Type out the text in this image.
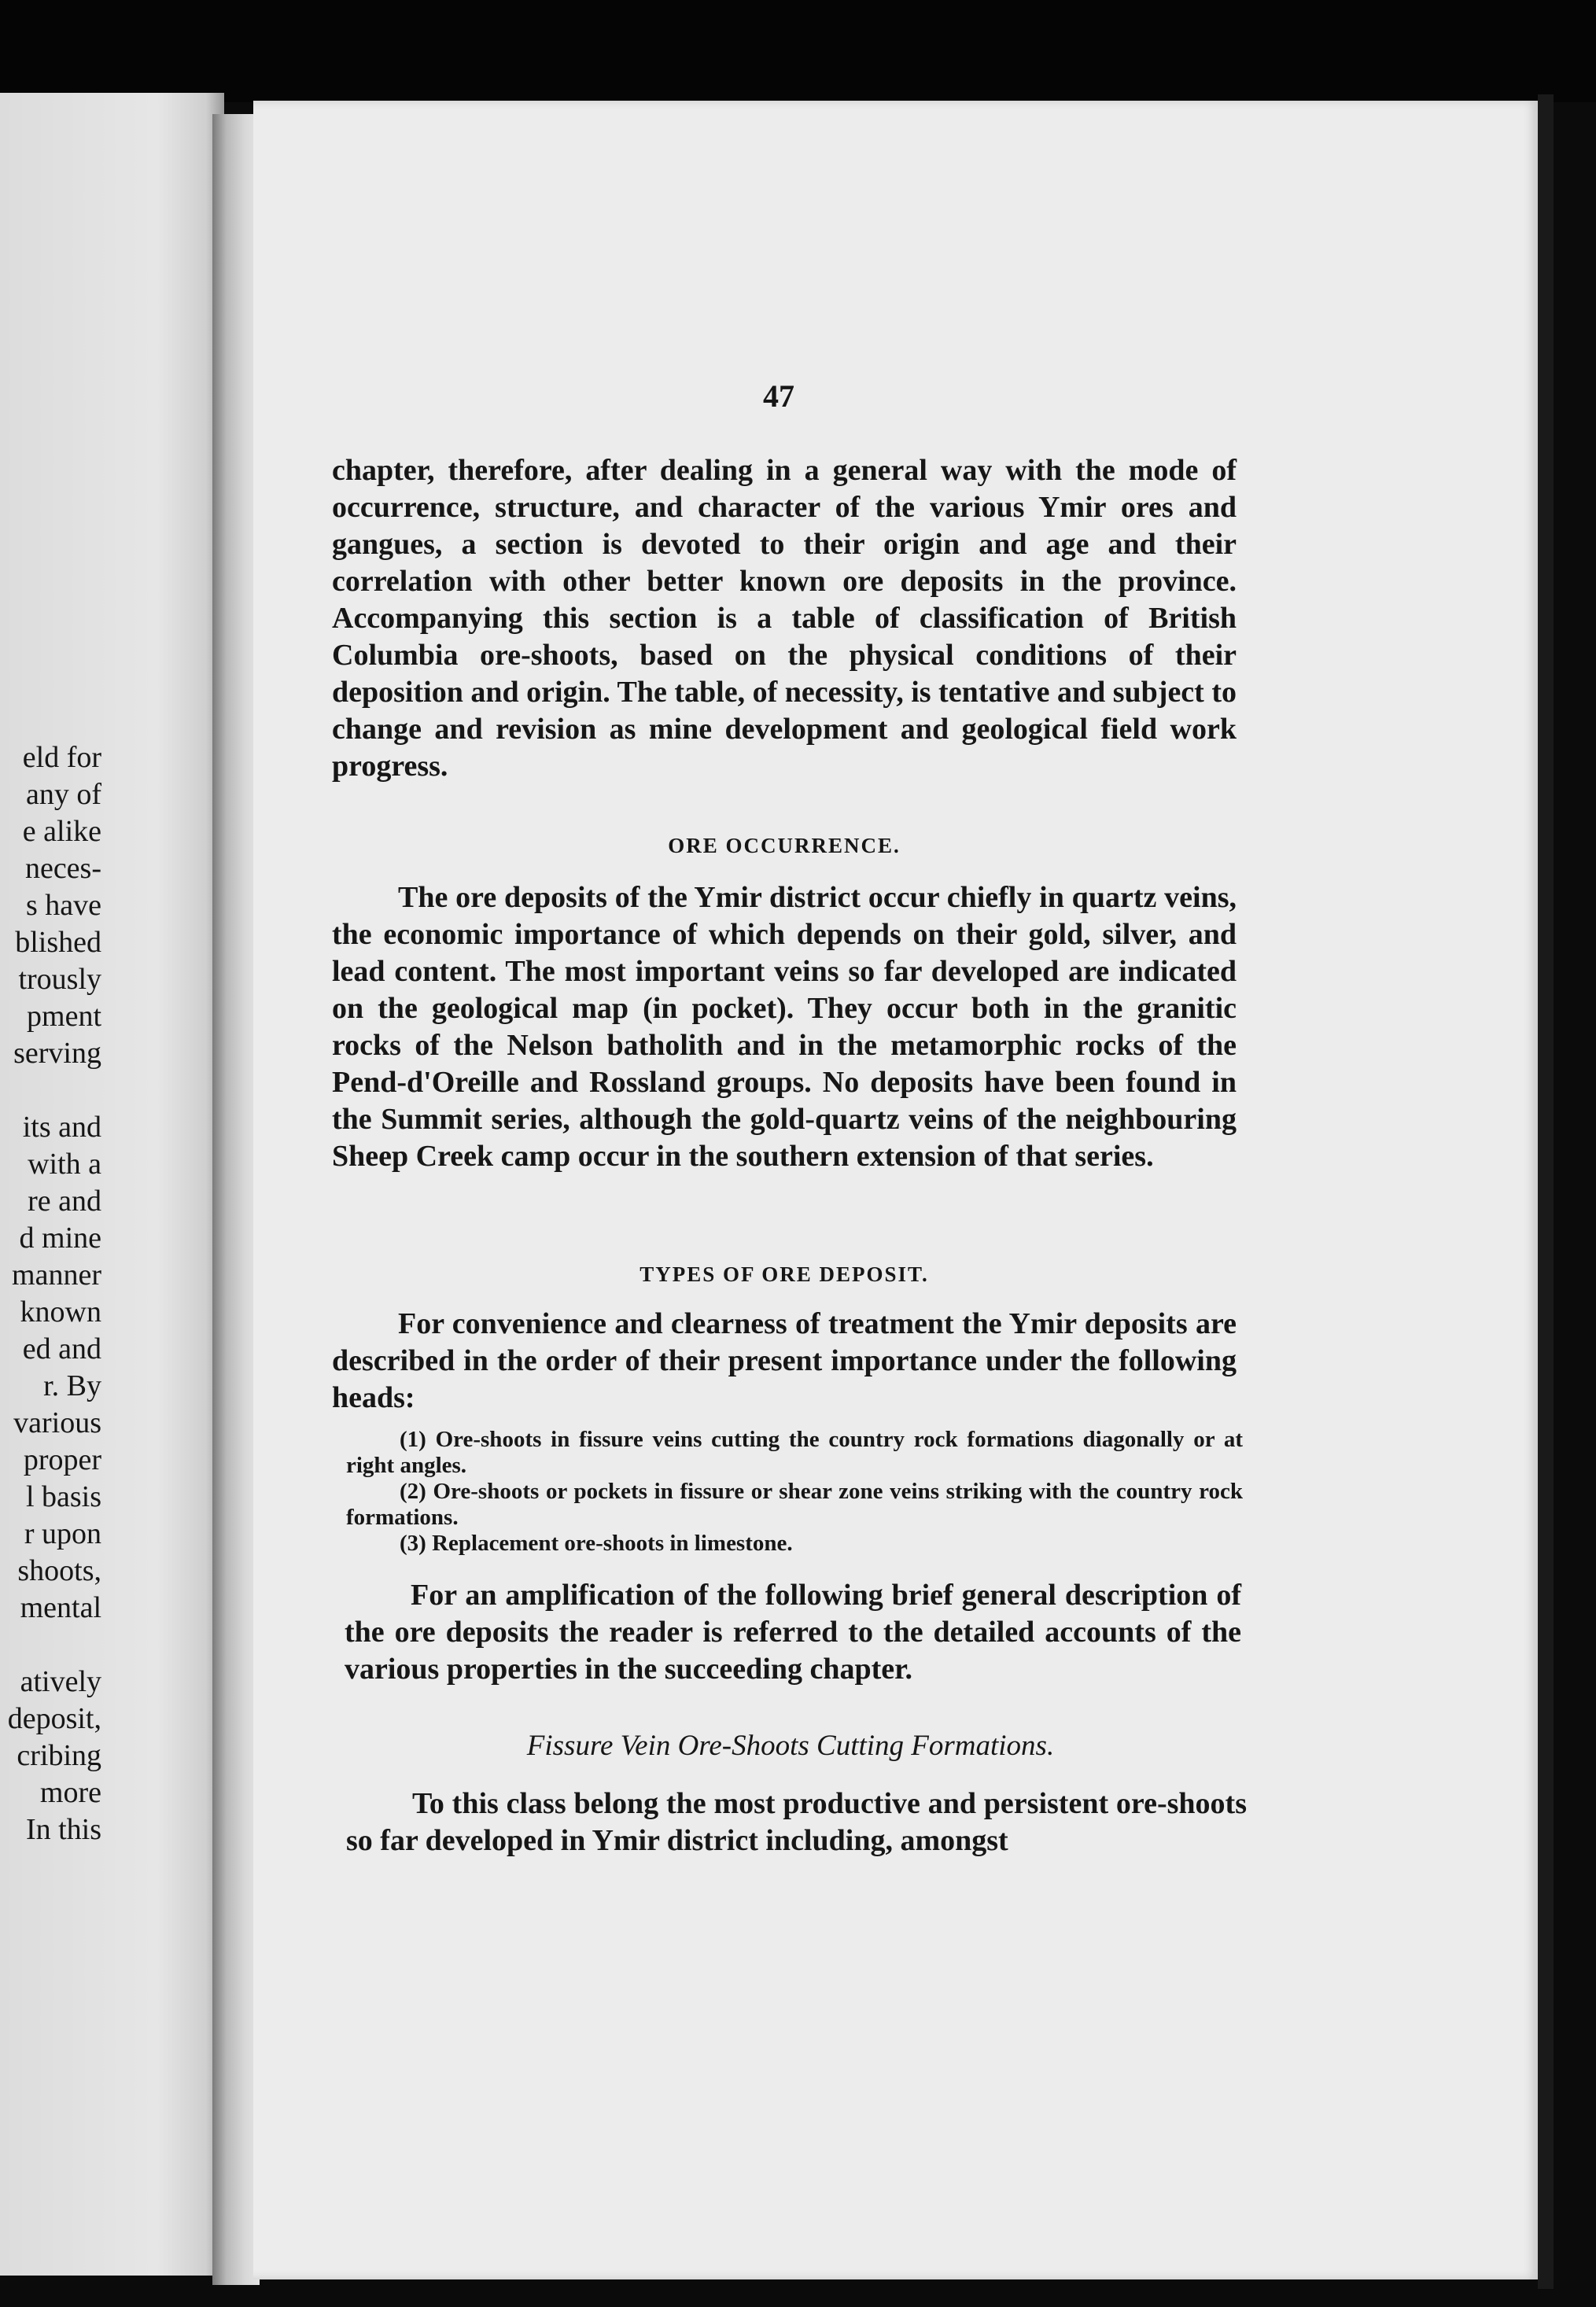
eld for
any of
e alike
neces-
s have
blished
trously
pment
serving
its and
with a
re and
d mine
manner
known
ed and
r. By
various
proper
l basis
r upon
shoots,
mental
atively
deposit,
cribing
more
In this
47

chapter, therefore, after dealing in a general way with the mode of occurrence, structure, and character of the various Ymir ores and gangues, a section is devoted to their origin and age and their correlation with other better known ore deposits in the province. Accompanying this section is a table of classification of British Columbia ore-shoots, based on the physical conditions of their deposition and origin. The table, of necessity, is tentative and subject to change and revision as mine development and geological field work progress.

ORE OCCURRENCE.

The ore deposits of the Ymir district occur chiefly in quartz veins, the economic importance of which depends on their gold, silver, and lead content. The most important veins so far developed are indicated on the geological map (in pocket). They occur both in the granitic rocks of the Nelson batholith and in the metamorphic rocks of the Pend-d'Oreille and Rossland groups. No deposits have been found in the Summit series, although the gold-quartz veins of the neighbouring Sheep Creek camp occur in the southern extension of that series.

TYPES OF ORE DEPOSIT.

For convenience and clearness of treatment the Ymir deposits are described in the order of their present importance under the following heads:

(1) Ore-shoots in fissure veins cutting the country rock formations diagonally or at right angles.

(2) Ore-shoots or pockets in fissure or shear zone veins striking with the country rock formations.

(3) Replacement ore-shoots in limestone.

For an amplification of the following brief general description of the ore deposits the reader is referred to the detailed accounts of the various properties in the succeeding chapter.

Fissure Vein Ore-Shoots Cutting Formations.

To this class belong the most productive and persistent ore-shoots so far developed in Ymir district including, amongst
